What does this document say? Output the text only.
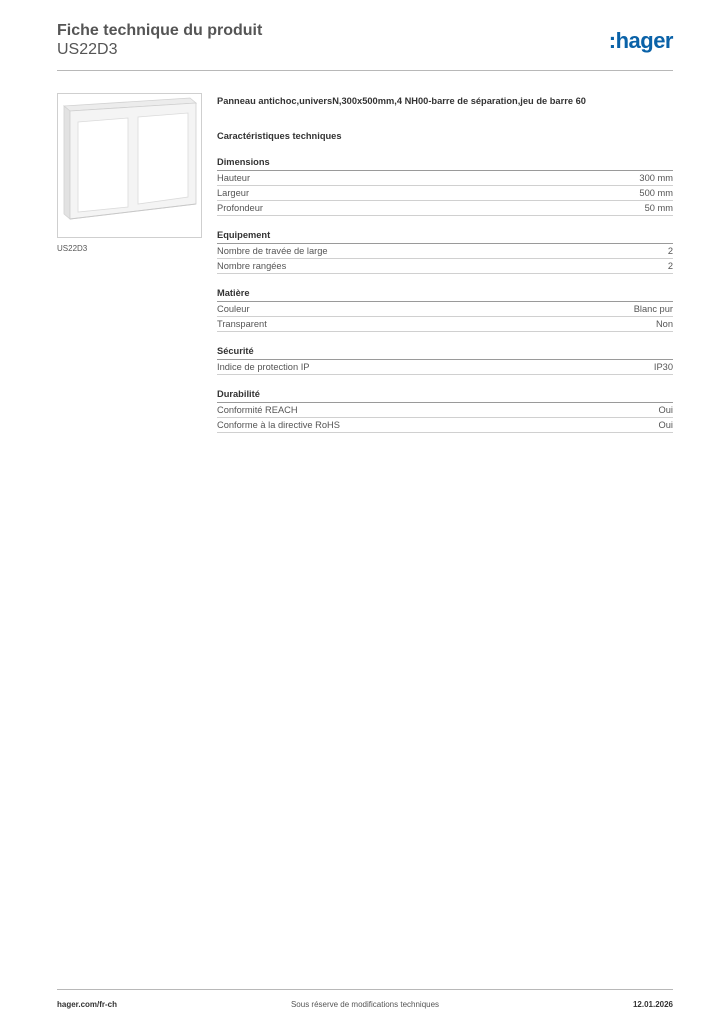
Fiche technique du produit
US22D3	:hager
US22D3
Panneau antichoc,universN,300x500mm,4 NH00-barre de séparation,jeu de barre 60
Caractéristiques techniques
Dimensions
Hauteur	300 mm
Largeur	500 mm
Profondeur	50 mm
Equipement
Nombre de travée de large	2
Nombre rangées	2
Matière
Couleur	Blanc pur
Transparent	Non
Sécurité
Indice de protection IP	IP30
Durabilité
Conformité REACH	Oui
Conforme à la directive RoHS	Oui
hager.com/fr-ch	Sous réserve de modifications techniques	12.01.2026
